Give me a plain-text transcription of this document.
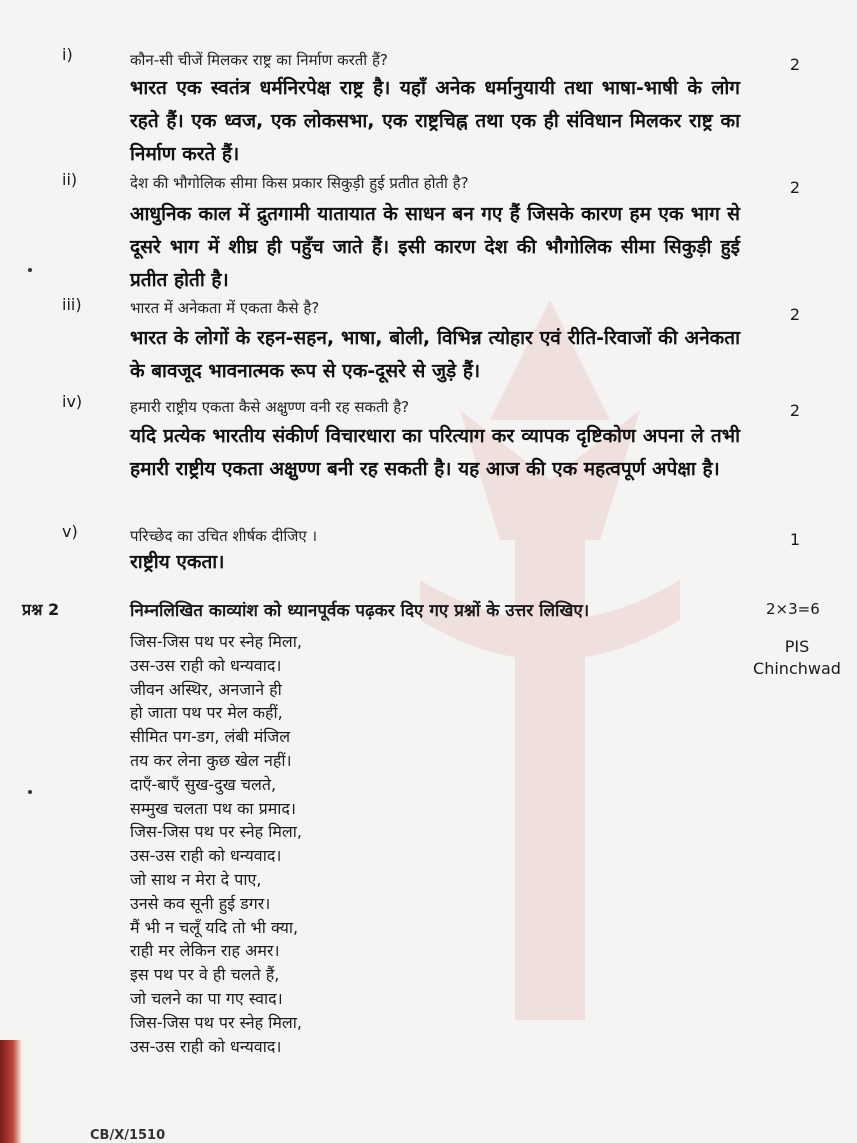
i)	कौन-सी चीजें मिलकर राष्ट्र का निर्माण करती हैं?	2
भारत एक स्वतंत्र धर्मनिरपेक्ष राष्ट्र है। यहाँ अनेक धर्मानुयायी तथा भाषा-भाषी के लोग रहते हैं। एक ध्वज, एक लोकसभा, एक राष्ट्रचिह्न तथा एक ही संविधान मिलकर राष्ट्र का निर्माण करते हैं।
ii)	देश की भौगोलिक सीमा किस प्रकार सिकुड़ी हुई प्रतीत होती है?	2
आधुनिक काल में द्रुतगामी यातायात के साधन बन गए हैं जिसके कारण हम एक भाग से दूसरे भाग में शीघ्र ही पहुँच जाते हैं। इसी कारण देश की भौगोलिक सीमा सिकुड़ी हुई प्रतीत होती है।
iii)	भारत में अनेकता में एकता कैसे है?	2
भारत के लोगों के रहन-सहन, भाषा, बोली, विभिन्न त्योहार एवं रीति-रिवाजों की अनेकता के बावजूद भावनात्मक रूप से एक-दूसरे से जुड़े हैं।
iv)	हमारी राष्ट्रीय एकता कैसे अक्षुण्ण वनी रह सकती है?	2
यदि प्रत्येक भारतीय संकीर्ण विचारधारा का परित्याग कर व्यापक दृष्टिकोण अपना ले तभी हमारी राष्ट्रीय एकता अक्षुण्ण बनी रह सकती है। यह आज की एक महत्वपूर्ण अपेक्षा है।
v)	परिच्छेद का उचित शीर्षक दीजिए ।	1
राष्ट्रीय एकता।
प्रश्न 2	निम्नलिखित काव्यांश को ध्यानपूर्वक पढ़कर दिए गए प्रश्नों के उत्तर लिखिए।	2×3=6
PIS
Chinchwad
जिस-जिस पथ पर स्नेह मिला,
उस-उस राही को धन्यवाद।
जीवन अस्थिर, अनजाने ही
हो जाता पथ पर मेल कहीं,
सीमित पग-डग, लंबी मंजिल
तय कर लेना कुछ खेल नहीं।
दाएँ-बाएँ सुख-दुख चलते,
सम्मुख चलता पथ का प्रमाद।
जिस-जिस पथ पर स्नेह मिला,
उस-उस राही को धन्यवाद।
जो साथ न मेरा दे पाए,
उनसे कव सूनी हुई डगर।
मैं भी न चलूँ यदि तो भी क्या,
राही मर लेकिन राह अमर।
इस पथ पर वे ही चलते हैं,
जो चलने का पा गए स्वाद।
जिस-जिस पथ पर स्नेह मिला,
उस-उस राही को धन्यवाद।
CB/X/1510
